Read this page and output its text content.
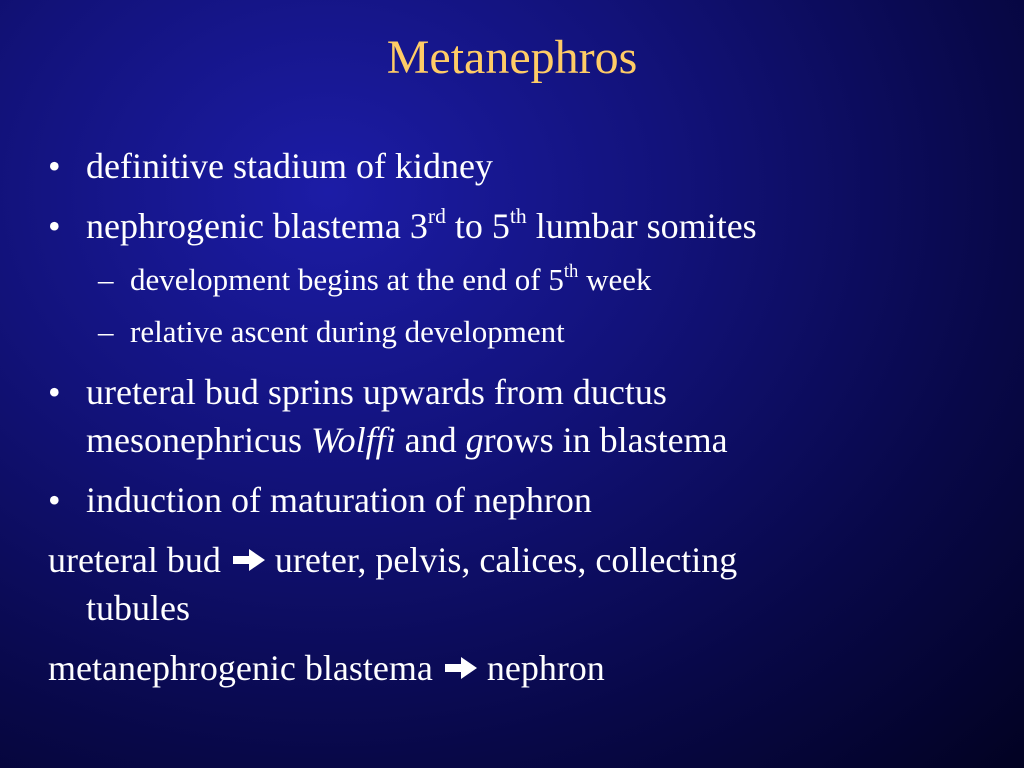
Metanephros
• definitive stadium of kidney
• nephrogenic blastema 3rd to 5th lumbar somites
– development begins at the end of 5th week
– relative ascent during development
• ureteral bud sprins upwards from ductus
mesonephricus Wolffi and grows in blastema
• induction of maturation of nephron
ureteral bud ureter, pelvis, calices, collecting
tubules
metanephrogenic blastema nephron
